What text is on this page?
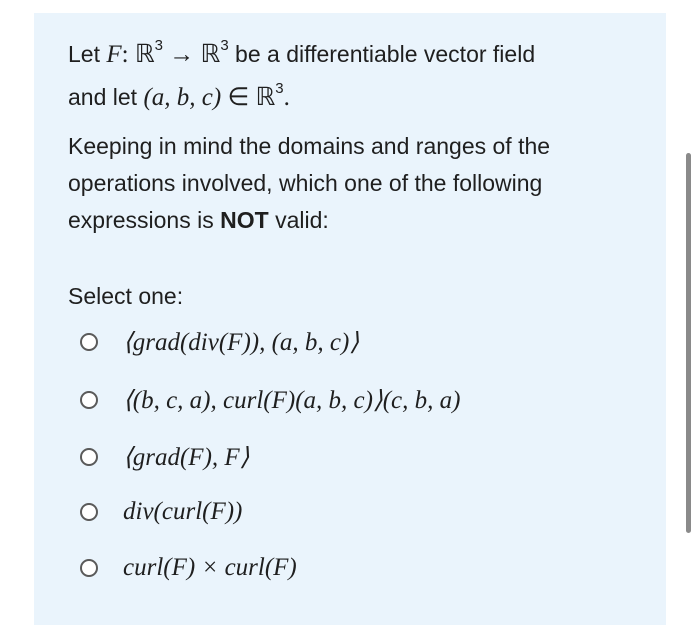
Let F: ℝ$^3$ → ℝ$^3$ be a differentiable vector field
and let (a, b, c) ∈ ℝ$^3$.
Keeping in mind the domains and ranges of the
operations involved, which one of the following
expressions is NOT valid:
Select one:
⟨grad(div(F)), (a, b, c)⟩
⟨(b, c, a), curl(F)(a, b, c)⟩(c, b, a)
⟨grad(F), F⟩
div(curl(F))
curl(F) × curl(F)
